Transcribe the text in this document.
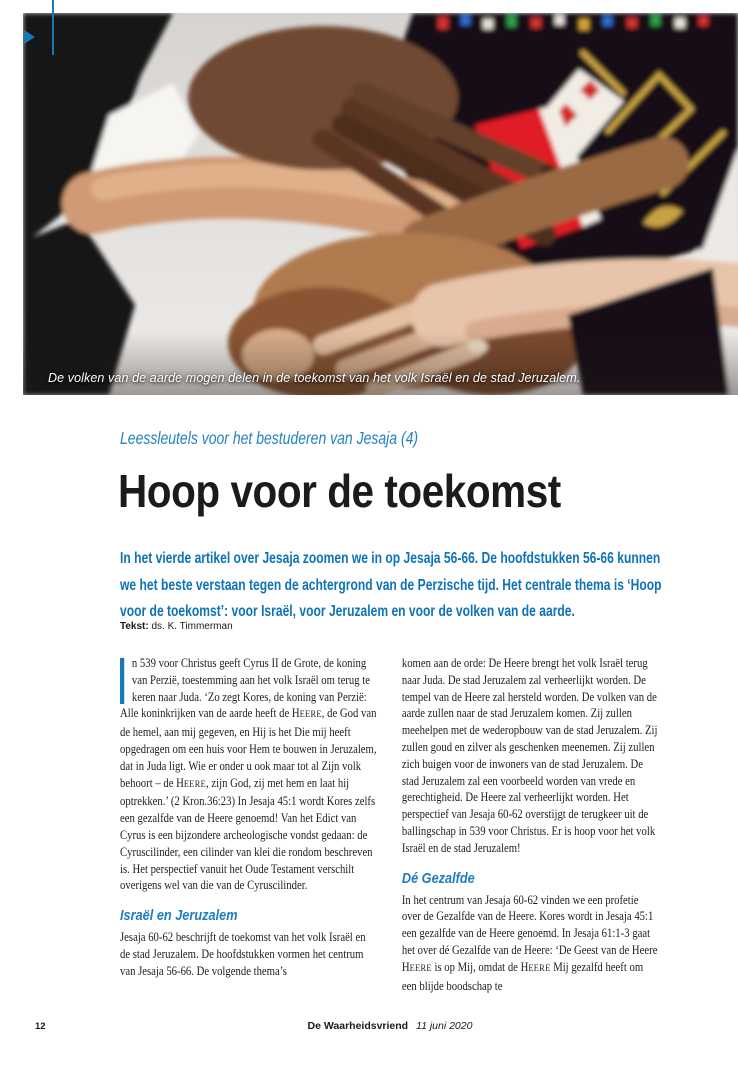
De volken van de aarde mogen delen in de toekomst van het volk Israël en de stad Jeruzalem.
Leessleutels voor het bestuderen van Jesaja (4)
Hoop voor de toekomst
In het vierde artikel over Jesaja zoomen we in op Jesaja 56-66. De hoofdstukken 56-66 kunnen we het beste verstaan tegen de achtergrond van de Perzische tijd. Het centrale thema is ‘Hoop voor de toekomst’: voor Israël, voor Jeruzalem en voor de volken van de aarde.
Tekst: ds. K. Timmerman

n 539 voor Christus geeft Cyrus II de Grote, de koning van Perzië, toestemming aan het volk Israël om terug te keren naar Juda. ‘Zo zegt Kores, de koning van Perzië: Alle koninkrijken van de aarde heeft de HEERE, de God van de hemel, aan mij gegeven, en Hij is het Die mij heeft opgedragen om een huis voor Hem te bouwen in Jeruzalem, dat in Juda ligt. Wie er onder u ook maar tot al Zijn volk behoort – de HEERE, zijn God, zij met hem en laat hij optrekken.’ (2 Kron.36:23) In Jesaja 45:1 wordt Kores zelfs een gezalfde van de Heere genoemd! Van het Edict van Cyrus is een bijzondere archeologische vondst gedaan: de Cyruscilinder, een cilinder van klei die rondom beschreven is. Het perspectief vanuit het Oude Testament verschilt overigens wel van die van de Cyruscilinder.

Israël en Jeruzalem

Jesaja 60-62 beschrijft de toekomst van het volk Israël en de stad Jeruzalem. De hoofdstukken vormen het centrum van Jesaja 56-66. De volgende thema’s

komen aan de orde: De Heere brengt het volk Israël terug naar Juda. De stad Jeruzalem zal verheerlijkt worden. De tempel van de Heere zal hersteld worden. De volken van de aarde zullen naar de stad Jeruzalem komen. Zij zullen meehelpen met de wederopbouw van de stad Jeruzalem. Zij zullen goud en zilver als geschenken meenemen. Zij zullen zich buigen voor de inwoners van de stad Jeruzalem. De stad Jeruzalem zal een voorbeeld worden van vrede en gerechtigheid. De Heere zal verheerlijkt worden. Het perspectief van Jesaja 60-62 overstijgt de terugkeer uit de ballingschap in 539 voor Christus. Er is hoop voor het volk Israël en de stad Jeruzalem!

Dé Gezalfde

In het centrum van Jesaja 60-62 vinden we een profetie over de Gezalfde van de Heere. Kores wordt in Jesaja 45:1 een gezalfde van de Heere genoemd. In Jesaja 61:1-3 gaat het over dé Gezalfde van de Heere: ‘De Geest van de Heere HEERE is op Mij, omdat de HEERE Mij gezalfd heeft om een blijde boodschap te

12	De Waarheidsvriend 11 juni 2020
